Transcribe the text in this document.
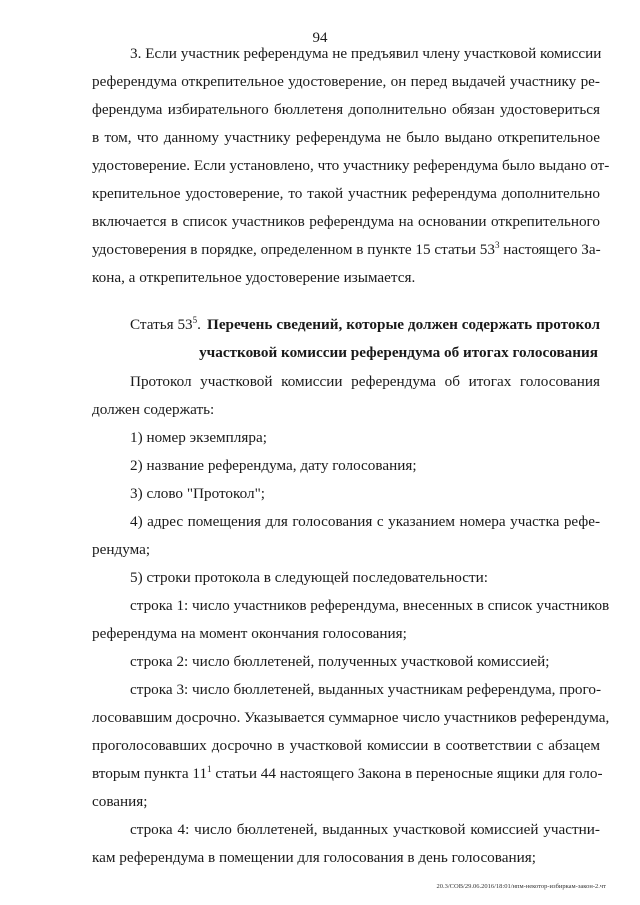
94
3. Если участник референдума не предъявил члену участковой комиссии
референдума открепительное удостоверение, он перед выдачей участнику ре-
ферендума избирательного бюллетеня дополнительно обязан удостовериться
в том, что данному участнику референдума не было выдано открепительное
удостоверение. Если установлено, что участнику референдума было выдано от-
крепительное удостоверение, то такой участник референдума дополнительно
включается в список участников референдума на основании открепительного
удостоверения в порядке, определенном в пункте 15 статьи $53^3$ настоящего За-
кона, а открепительное удостоверение изымается.
Статья $53^5$. Перечень сведений, которые должен содержать протокол
участковой комиссии референдума об итогах голосования
Протокол участковой комиссии референдума об итогах голосования
должен содержать:
1) номер экземпляра;
2) название референдума, дату голосования;
3) слово "Протокол";
4) адрес помещения для голосования с указанием номера участка рефе-
рендума;
5) строки протокола в следующей последовательности:
строка 1: число участников референдума, внесенных в список участников
референдума на момент окончания голосования;
строка 2: число бюллетеней, полученных участковой комиссией;
строка 3: число бюллетеней, выданных участникам референдума, прого-
лосовавшим досрочно. Указывается суммарное число участников референдума,
проголосовавших досрочно в участковой комиссии в соответствии с абзацем
вторым пункта $11^1$ статьи 44 настоящего Закона в переносные ящики для голо-
сования;
строка 4: число бюллетеней, выданных участковой комиссией участни-
кам референдума в помещении для голосования в день голосования;
20.3/СОВ/29.06.2016/18:01/нпм-некотор-избиркам-закон-2.чт
